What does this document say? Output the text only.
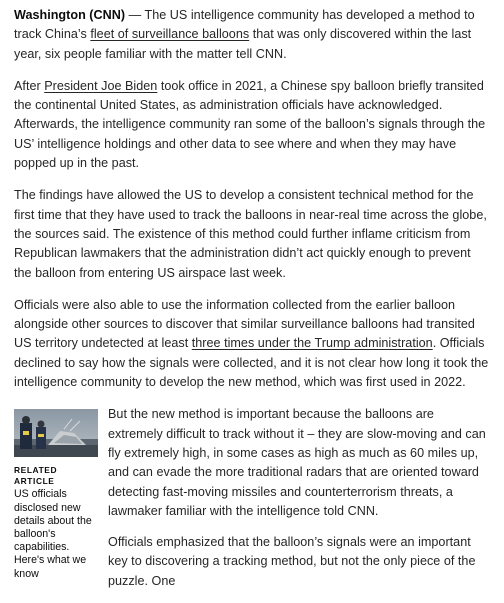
Washington (CNN) — The US intelligence community has developed a method to track China’s fleet of surveillance balloons that was only discovered within the last year, six people familiar with the matter tell CNN.

After President Joe Biden took office in 2021, a Chinese spy balloon briefly transited the continental United States, as administration officials have acknowledged. Afterwards, the intelligence community ran some of the balloon’s signals through the US’ intelligence holdings and other data to see where and when they may have popped up in the past.

The findings have allowed the US to develop a consistent technical method for the first time that they have used to track the balloons in near-real time across the globe, the sources said. The existence of this method could further inflame criticism from Republican lawmakers that the administration didn’t act quickly enough to prevent the balloon from entering US airspace last week.

Officials were also able to use the information collected from the earlier balloon alongside other sources to discover that similar surveillance balloons had transited US territory undetected at least three times under the Trump administration. Officials declined to say how the signals were collected, and it is not clear how long it took the intelligence community to develop the new method, which was first used in 2022.

RELATED ARTICLE
US officials disclosed new details about the balloon's capabilities. Here's what we know

But the new method is important because the balloons are extremely difficult to track without it – they are slow-moving and can fly extremely high, in some cases as high as much as 60 miles up, and can evade the more traditional radars that are oriented toward detecting fast-moving missiles and counterterrorism threats, a lawmaker familiar with the intelligence told CNN.

Officials emphasized that the balloon’s signals were an important key to discovering a tracking method, but not the only piece of the puzzle. One
